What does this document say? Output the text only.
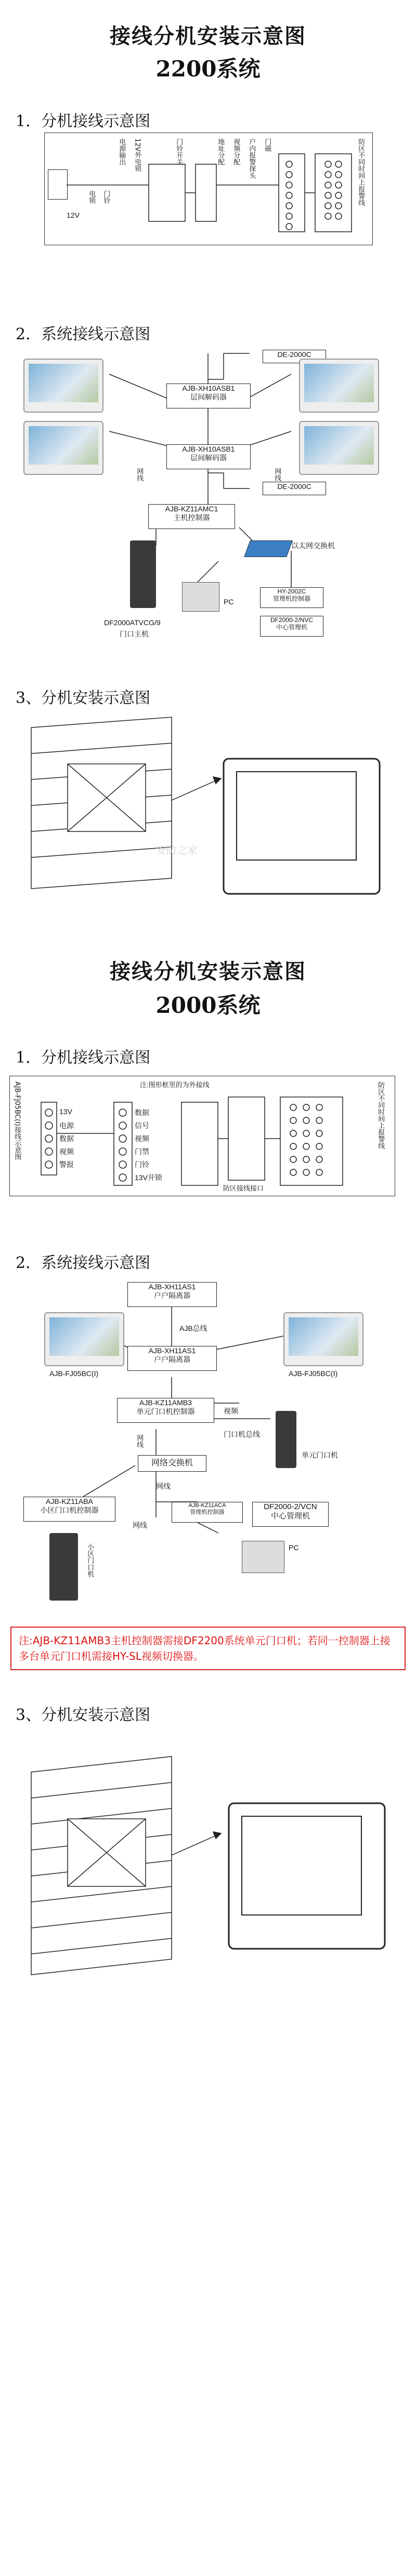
接线分机安装示意图
2200系统
1．分机接线示意图
12V
电锁 门铃
电源输出 12V外电锁	门铃开关	地址分配 视频分配 户内报警探头 门磁	防区不同时间上报警线
2．系统接线示意图
DE-2000C
AJB-XH10ASB1
层间解码器
AJB-XH10ASB1
层间解码器
网线	网线
DE-2000C
AJB-KZ11AMC1
主机控制器
DF2000ATVCG/9
门口主机
以太网交换机
PC
HY-2002C
管理机控制器
DF2000-2/NVC
中心管理机
3、分机安装示意图
安防之家
接线分机安装示意图
2000系统
1．分机接线示意图
AJB-FJ05BC(I)接线示意图	注:图形框里的为外接线
13V
电源
数据
视频
警报
数据
信号
视频
门禁
门铃
13V开锁
防区接线接口
防区不同时间上报警线
2．系统接线示意图
AJB-XH11AS1
户户隔离器
AJB总线
AJB-XH11AS1
户户隔离器
AJB-FJ05BC(I)	AJB-FJ05BC(I)
AJB-KZ11AMB3
单元门口机控制器	视频
门口机总线
单元门口机
网线
网络交换机
网线
网线
AJB-KZ11ABA
小区门口机控制器
小区门口机
AJB-KZ11ACA
管理机控制器
DF2000-2/VCN
中心管理机
PC
注:AJB-KZ11AMB3主机控制器需接DF2200系统单元门口机；若同一控制器上接多台单元门口机需接HY-SL视频切换器。
3、分机安装示意图
